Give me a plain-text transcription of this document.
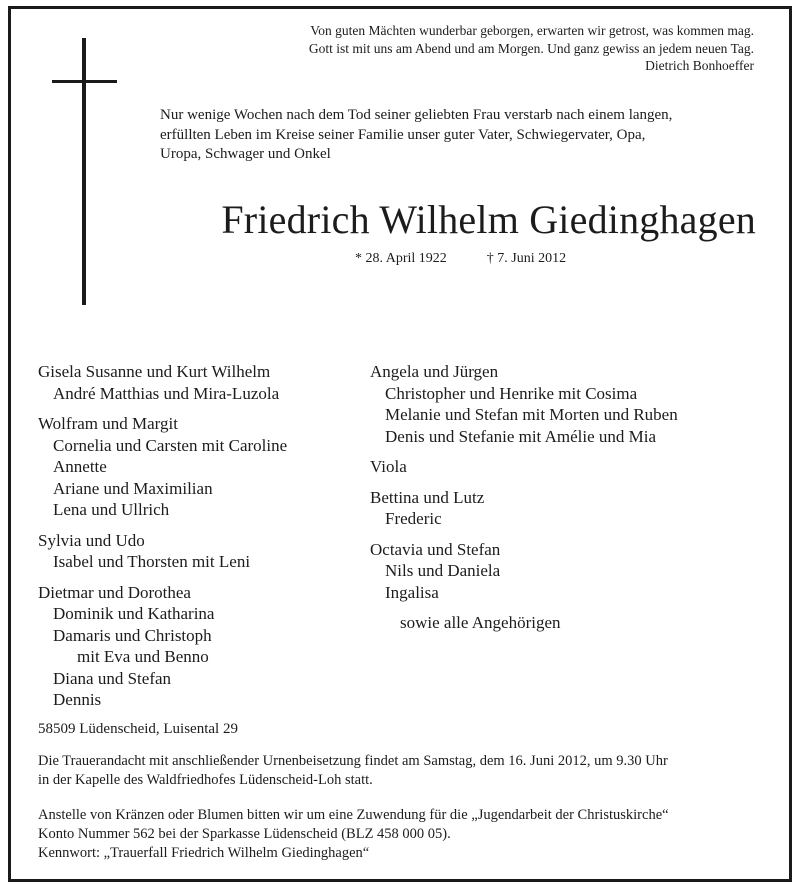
Von guten Mächten wunderbar geborgen, erwarten wir getrost, was kommen mag.
Gott ist mit uns am Abend und am Morgen. Und ganz gewiss an jedem neuen Tag.
Dietrich Bonhoeffer
Nur wenige Wochen nach dem Tod seiner geliebten Frau verstarb nach einem langen,
erfüllten Leben im Kreise seiner Familie unser guter Vater, Schwiegervater, Opa,
Uropa, Schwager und Onkel
Friedrich Wilhelm Giedinghagen
* 28. April 1922	† 7. Juni 2012
Gisela Susanne und Kurt Wilhelm
André Matthias und Mira-Luzola
Wolfram und Margit
Cornelia und Carsten mit Caroline
Annette
Ariane und Maximilian
Lena und Ullrich
Sylvia und Udo
Isabel und Thorsten mit Leni
Dietmar und Dorothea
Dominik und Katharina
Damaris und Christoph
mit Eva und Benno
Diana und Stefan
Dennis
Angela und Jürgen
Christopher und Henrike mit Cosima
Melanie und Stefan mit Morten und Ruben
Denis und Stefanie mit Amélie und Mia
Viola
Bettina und Lutz
Frederic
Octavia und Stefan
Nils und Daniela
Ingalisa
sowie alle Angehörigen
58509 Lüdenscheid, Luisental 29
Die Trauerandacht mit anschließender Urnenbeisetzung findet am Samstag, dem 16. Juni 2012, um 9.30 Uhr
in der Kapelle des Waldfriedhofes Lüdenscheid-Loh statt.
Anstelle von Kränzen oder Blumen bitten wir um eine Zuwendung für die „Jugendarbeit der Christuskirche“
Konto Nummer 562 bei der Sparkasse Lüdenscheid (BLZ 458 000 05).
Kennwort: „Trauerfall Friedrich Wilhelm Giedinghagen“
